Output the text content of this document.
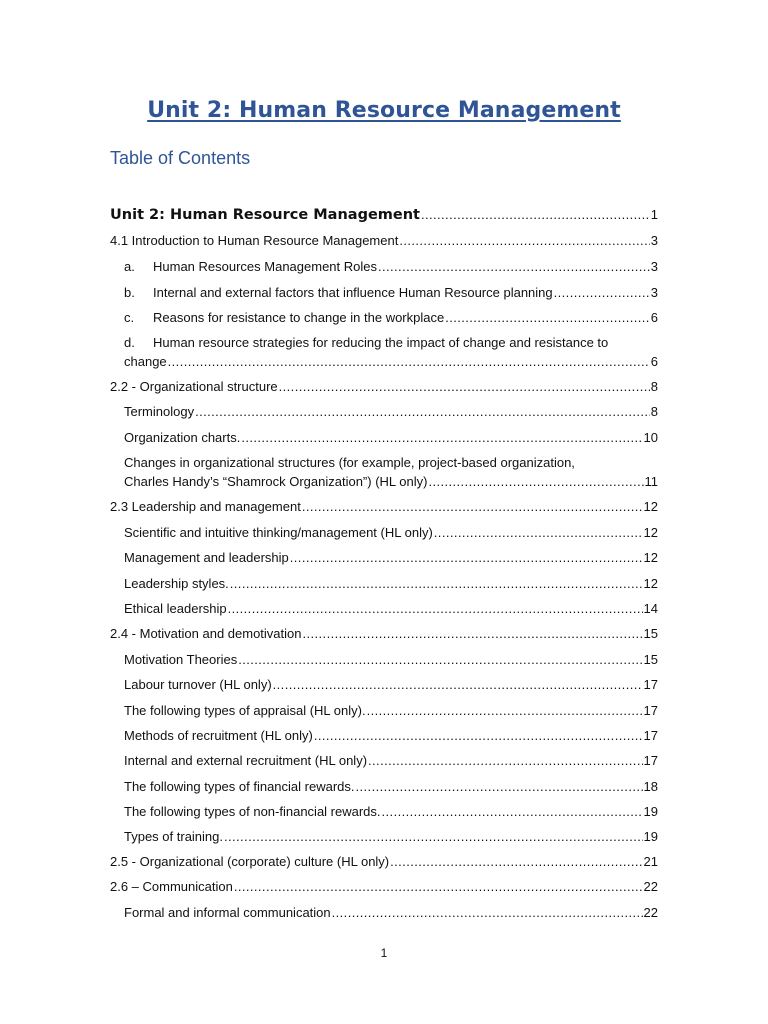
Unit 2: Human Resource Management
Table of Contents
Unit 2: Human Resource Management .....	1
4.1 Introduction to Human Resource Management .....	3
a.	Human Resources Management Roles .....	3
b.	Internal and external factors that influence Human Resource planning .....	3
c.	Reasons for resistance to change in the workplace .....	6
d.	Human resource strategies for reducing the impact of change and resistance to
change .....	6
2.2 - Organizational structure .....	8
Terminology .....	8
Organization charts. .....	10
Changes in organizational structures (for example, project-based organization,
Charles Handy’s “Shamrock Organization”) (HL only) .....	11
2.3 Leadership and management .....	12
Scientific and intuitive thinking/management (HL only) .....	12
Management and leadership .....	12
Leadership styles. .....	12
Ethical leadership .....	14
2.4 - Motivation and demotivation .....	15
Motivation Theories .....	15
Labour turnover (HL only) .....	17
The following types of appraisal (HL only). .....	17
Methods of recruitment (HL only) .....	17
Internal and external recruitment (HL only) .....	17
The following types of financial rewards. .....	18
The following types of non-financial rewards. .....	19
Types of training. .....	19
2.5 - Organizational (corporate) culture (HL only) .....	21
2.6 – Communication .....	22
Formal and informal communication .....	22
1
